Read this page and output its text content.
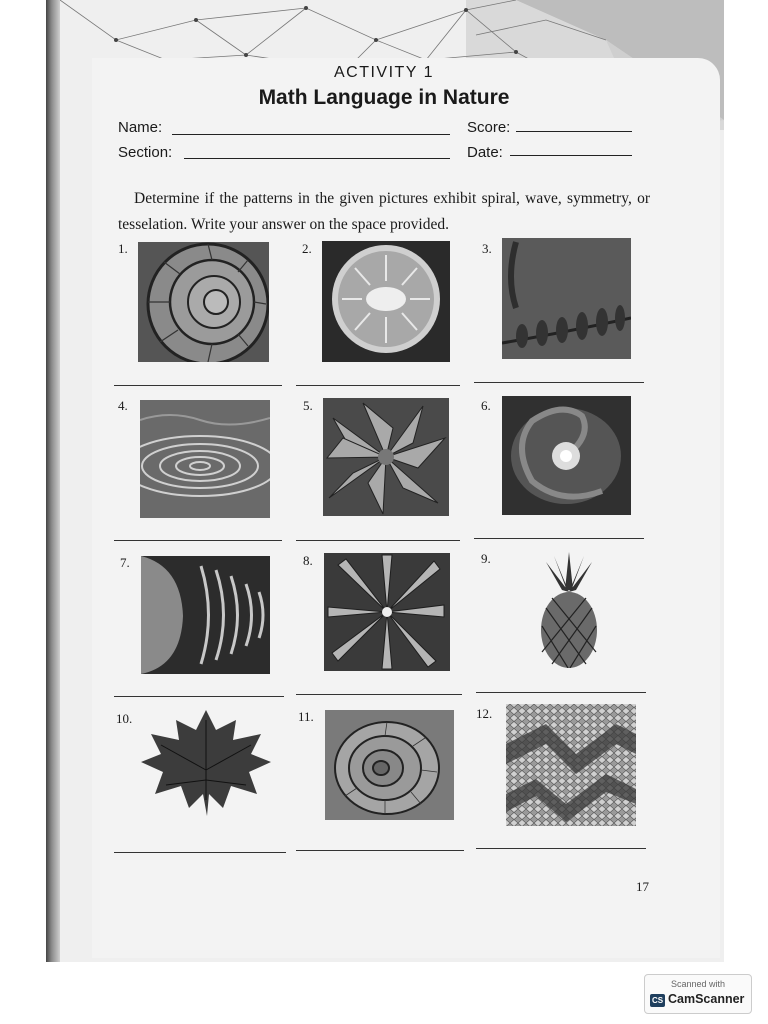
ACTIVITY 1
Math Language in Nature
Name:	Score:
Section:	Date:
Determine if the patterns in the given pictures exhibit spiral, wave, symmetry, or tesselation. Write your answer on the space provided.
1.	2.	3.
4.	5.	6.
7.	8.	9.
10.	11.	12.
17
Scanned with
CS CamScanner
